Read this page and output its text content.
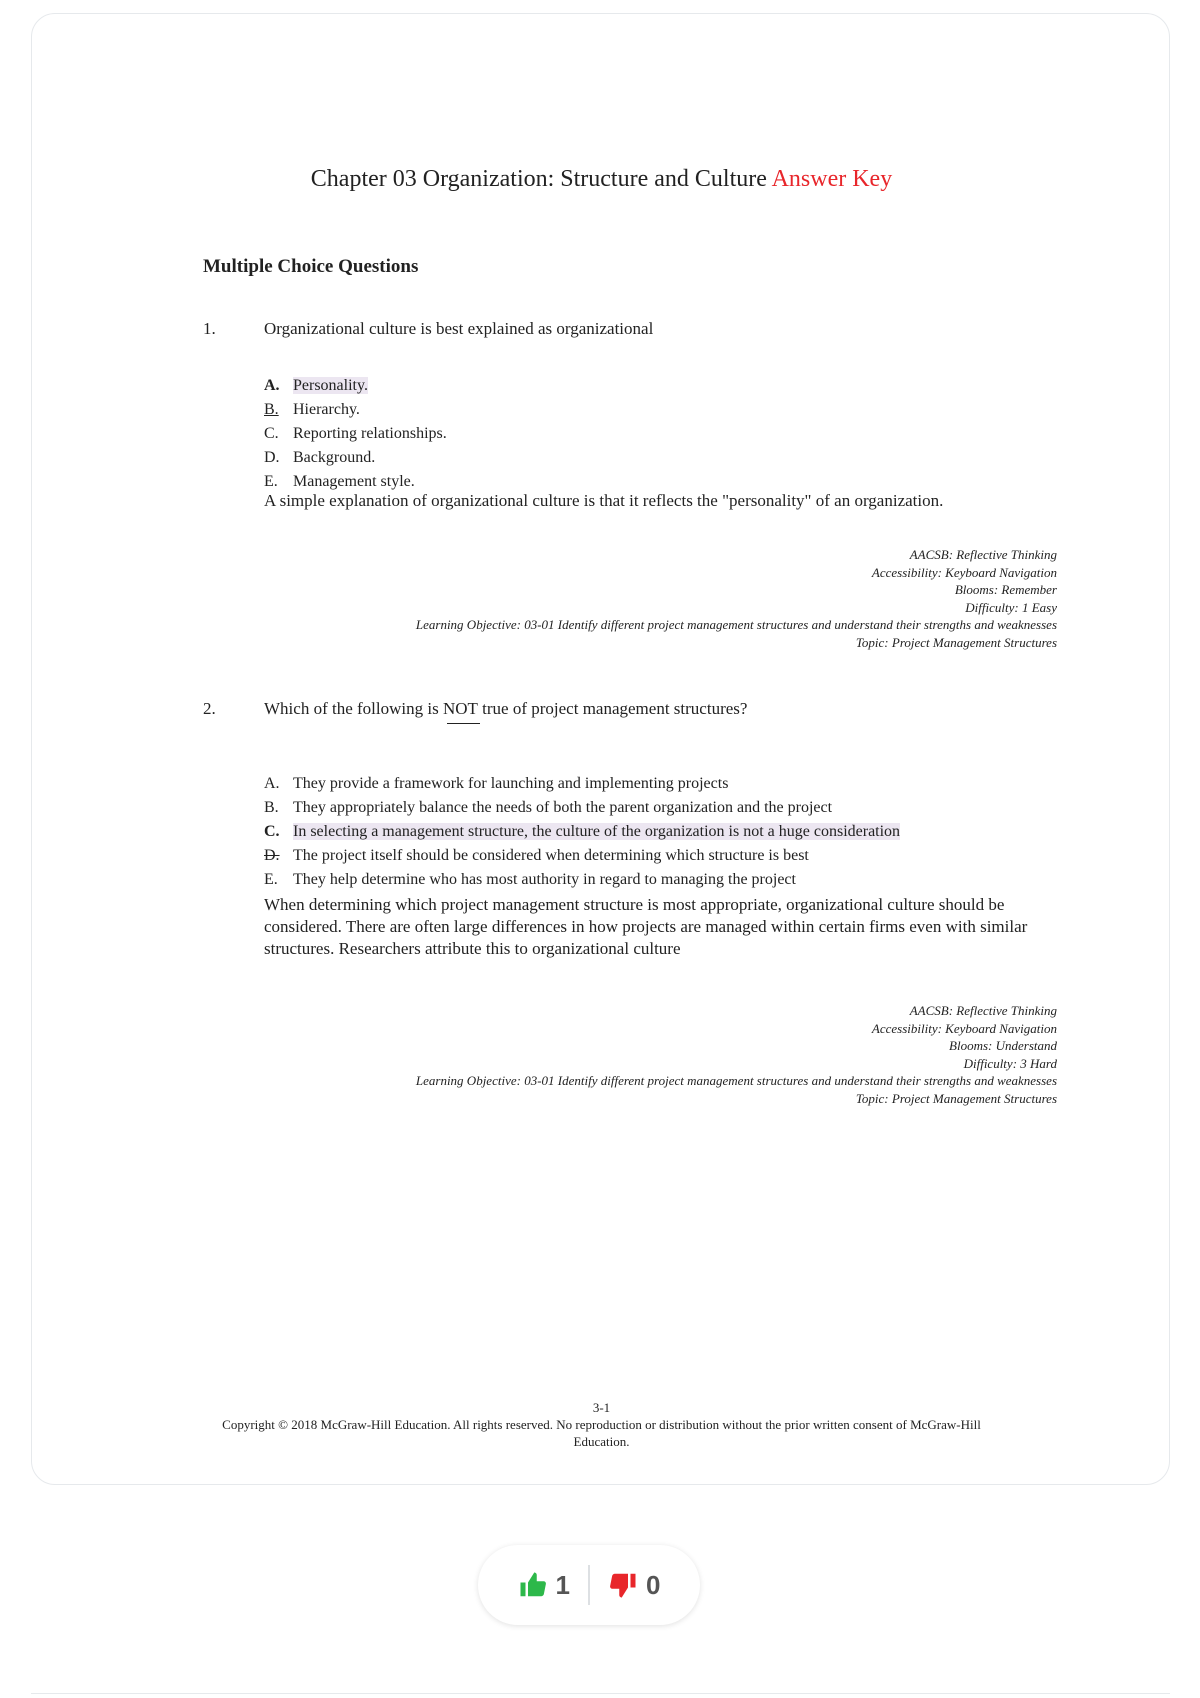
Chapter 03 Organization: Structure and Culture Answer Key
Multiple Choice Questions
1.	Organizational culture is best explained as organizational
A. Personality.
B. Hierarchy.
C. Reporting relationships.
D. Background.
E. Management style.
A simple explanation of organizational culture is that it reflects the "personality" of an organization.
AACSB: Reflective Thinking
Accessibility: Keyboard Navigation
Blooms: Remember
Difficulty: 1 Easy
Learning Objective: 03-01 Identify different project management structures and understand their strengths and weaknesses
Topic: Project Management Structures
2.	Which of the following is NOT
true of project management structures?
A. They provide a framework for launching and implementing projects
B. They appropriately balance the needs of both the parent organization and the project
C. In selecting a management structure, the culture of the organization is not a huge consideration
D. The project itself should be considered when determining which structure is best
E. They help determine who has most authority in regard to managing the project
When determining which project management structure is most appropriate, organizational culture should be considered. There are often large differences in how projects are managed within certain firms even with similar structures. Researchers attribute this to organizational culture
AACSB: Reflective Thinking
Accessibility: Keyboard Navigation
Blooms: Understand
Difficulty: 3 Hard
Learning Objective: 03-01 Identify different project management structures and understand their strengths and weaknesses
Topic: Project Management Structures
3-1
Copyright © 2018 McGraw-Hill Education. All rights reserved. No reproduction or distribution without the prior written consent of McGraw-Hill Education.
1	0
